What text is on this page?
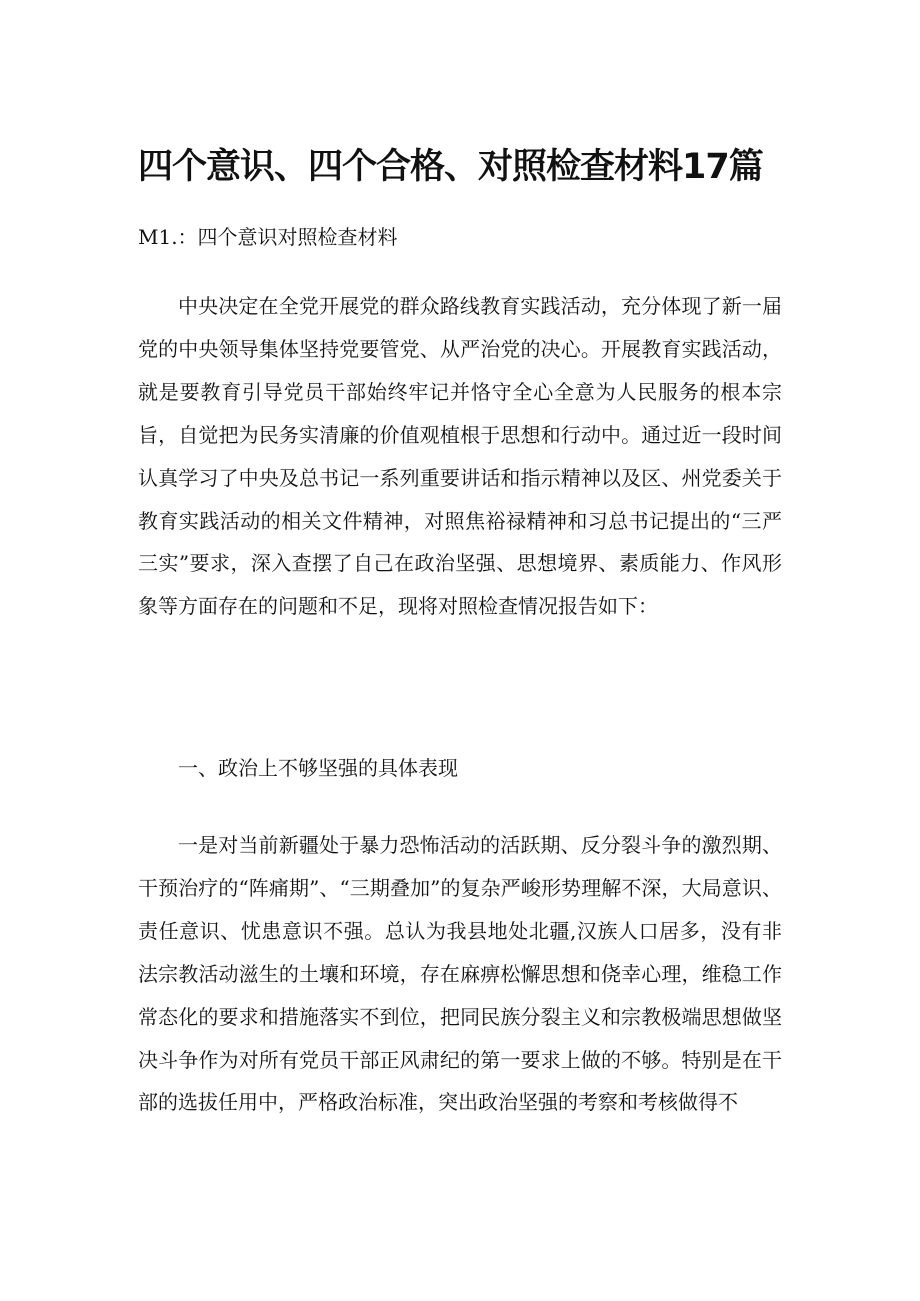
四个意识、四个合格、对照检查材料17篇

M1.：四个意识对照检查材料

中央决定在全党开展党的群众路线教育实践活动，充分体现了新一届党的中央领导集体坚持党要管党、从严治党的决心。开展教育实践活动，就是要教育引导党员干部始终牢记并恪守全心全意为人民服务的根本宗旨，自觉把为民务实清廉的价值观植根于思想和行动中。通过近一段时间认真学习了中央及总书记一系列重要讲话和指示精神以及区、州党委关于教育实践活动的相关文件精神，对照焦裕禄精神和习总书记提出的“三严三实”要求，深入查摆了自己在政治坚强、思想境界、素质能力、作风形象等方面存在的问题和不足，现将对照检查情况报告如下：

一、政治上不够坚强的具体表现

一是对当前新疆处于暴力恐怖活动的活跃期、反分裂斗争的激烈期、干预治疗的“阵痛期”、“三期叠加”的复杂严峻形势理解不深，大局意识、责任意识、忧患意识不强。总认为我县地处北疆,汉族人口居多，没有非法宗教活动滋生的土壤和环境，存在麻痹松懈思想和侥幸心理，维稳工作常态化的要求和措施落实不到位，把同民族分裂主义和宗教极端思想做坚决斗争作为对所有党员干部正风肃纪的第一要求上做的不够。特别是在干部的选拔任用中，严格政治标准，突出政治坚强的考察和考核做得不
